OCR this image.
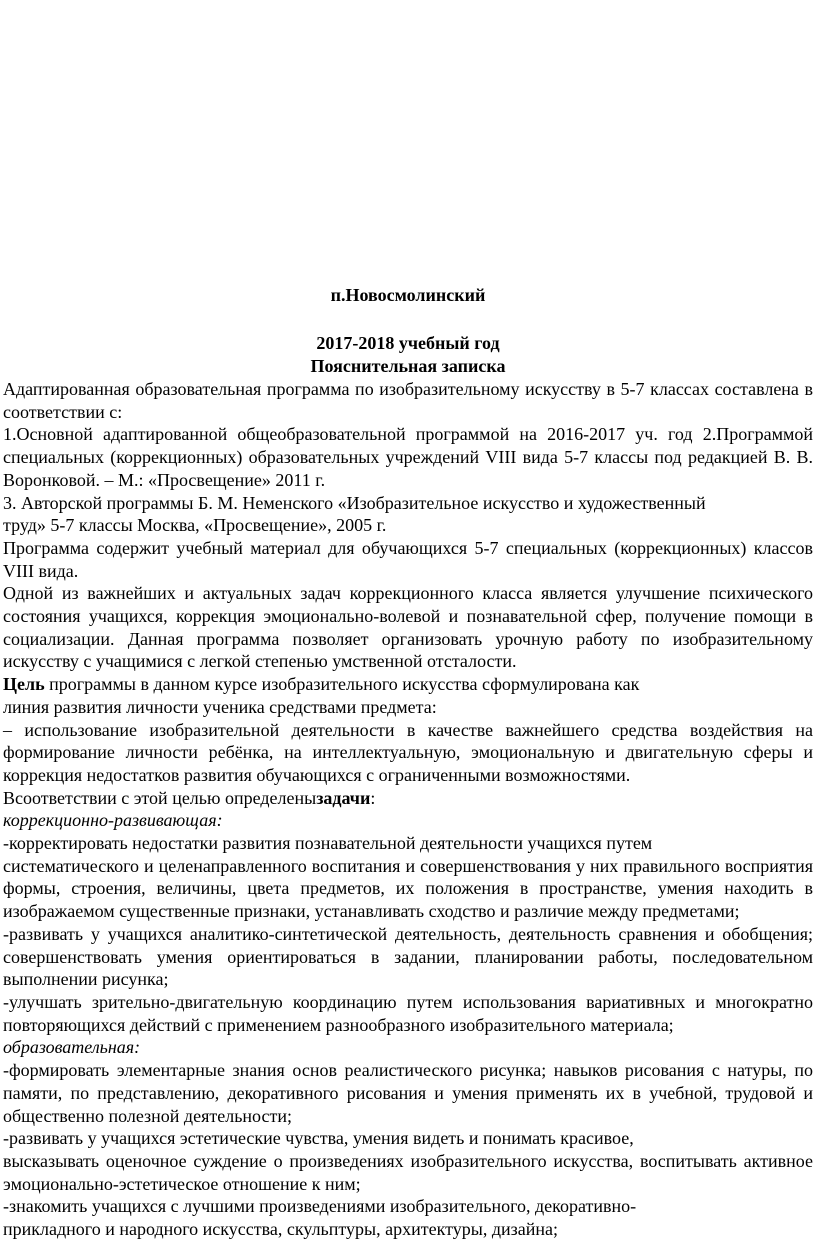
п.Новосмолинский
2017-2018 учебный год
Пояснительная записка

Адаптированная образовательная программа по изобразительному искусству в 5-7 классах составлена в соответствии с:

1.Основной адаптированной общеобразовательной программой на 2016-2017 уч. год 2.Программой специальных (коррекционных) образовательных учреждений VIII вида 5-7 классы под редакцией В. В. Воронковой. – М.: «Просвещение» 2011 г.

3. Авторской программы Б. М. Неменского «Изобразительное искусство и художественный

труд» 5-7 классы Москва, «Просвещение», 2005 г.

Программа содержит учебный материал для обучающихся 5-7 специальных (коррекционных) классов VIII вида.

Одной из важнейших и актуальных задач коррекционного класса является улучшение психического состояния учащихся, коррекция эмоционально-волевой и познавательной сфер, получение помощи в социализации. Данная программа позволяет организовать урочную работу по изобразительному искусству с учащимися с легкой степенью умственной отсталости.

Цель программы в данном курсе изобразительного искусства сформулирована как

линия развития личности ученика средствами предмета:

– использование изобразительной деятельности в качестве важнейшего средства воздействия на формирование личности ребёнка, на интеллектуальную, эмоциональную и двигательную сферы и коррекция недостатков развития обучающихся с ограниченными возможностями.

Всоответствии с этой целью определенызадачи:

коррекционно-развивающая:

-корректировать недостатки развития познавательной деятельности учащихся путем

систематического и целенаправленного воспитания и совершенствования у них правильного восприятия формы, строения, величины, цвета предметов, их положения в пространстве, умения находить в изображаемом существенные признаки, устанавливать сходство и различие между предметами;

-развивать у учащихся аналитико-синтетической деятельность, деятельность сравнения и обобщения; совершенствовать умения ориентироваться в задании, планировании работы, последовательном выполнении рисунка;

-улучшать зрительно-двигательную координацию путем использования вариативных и многократно повторяющихся действий с применением разнообразного изобразительного материала;

образовательная:

-формировать элементарные знания основ реалистического рисунка; навыков рисования с натуры, по памяти, по представлению, декоративного рисования и умения применять их в учебной, трудовой и общественно полезной деятельности;

-развивать у учащихся эстетические чувства, умения видеть и понимать красивое,

высказывать оценочное суждение о произведениях изобразительного искусства, воспитывать активное эмоционально-эстетическое отношение к ним;

-знакомить учащихся с лучшими произведениями изобразительного, декоративно-

прикладного и народного искусства, скульптуры, архитектуры, дизайна;
